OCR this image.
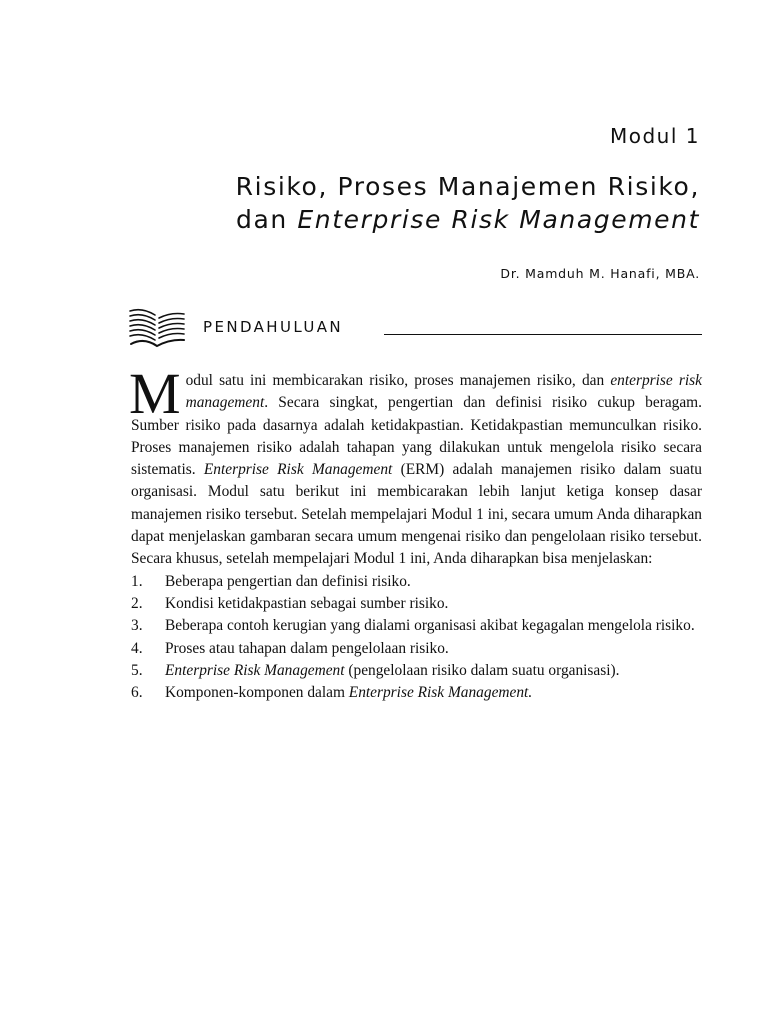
Modul 1
Risiko, Proses Manajemen Risiko,
dan Enterprise Risk Management
Dr. Mamduh M. Hanafi, MBA.
PENDAHULUAN

Modul satu ini membicarakan risiko, proses manajemen risiko, dan enterprise risk management. Secara singkat, pengertian dan definisi risiko cukup beragam. Sumber risiko pada dasarnya adalah ketidakpastian. Ketidakpastian memunculkan risiko. Proses manajemen risiko adalah tahapan yang dilakukan untuk mengelola risiko secara sistematis. Enterprise Risk Management (ERM) adalah manajemen risiko dalam suatu organisasi. Modul satu berikut ini membicarakan lebih lanjut ketiga konsep dasar manajemen risiko tersebut. Setelah mempelajari Modul 1 ini, secara umum Anda diharapkan dapat menjelaskan gambaran secara umum mengenai risiko dan pengelolaan risiko tersebut. Secara khusus, setelah mempelajari Modul 1 ini, Anda diharapkan bisa menjelaskan:

1. Beberapa pengertian dan definisi risiko.
2. Kondisi ketidakpastian sebagai sumber risiko.
3. Beberapa contoh kerugian yang dialami organisasi akibat kegagalan mengelola risiko.
4. Proses atau tahapan dalam pengelolaan risiko.
5. Enterprise Risk Management (pengelolaan risiko dalam suatu organisasi).
6. Komponen-komponen dalam Enterprise Risk Management.
